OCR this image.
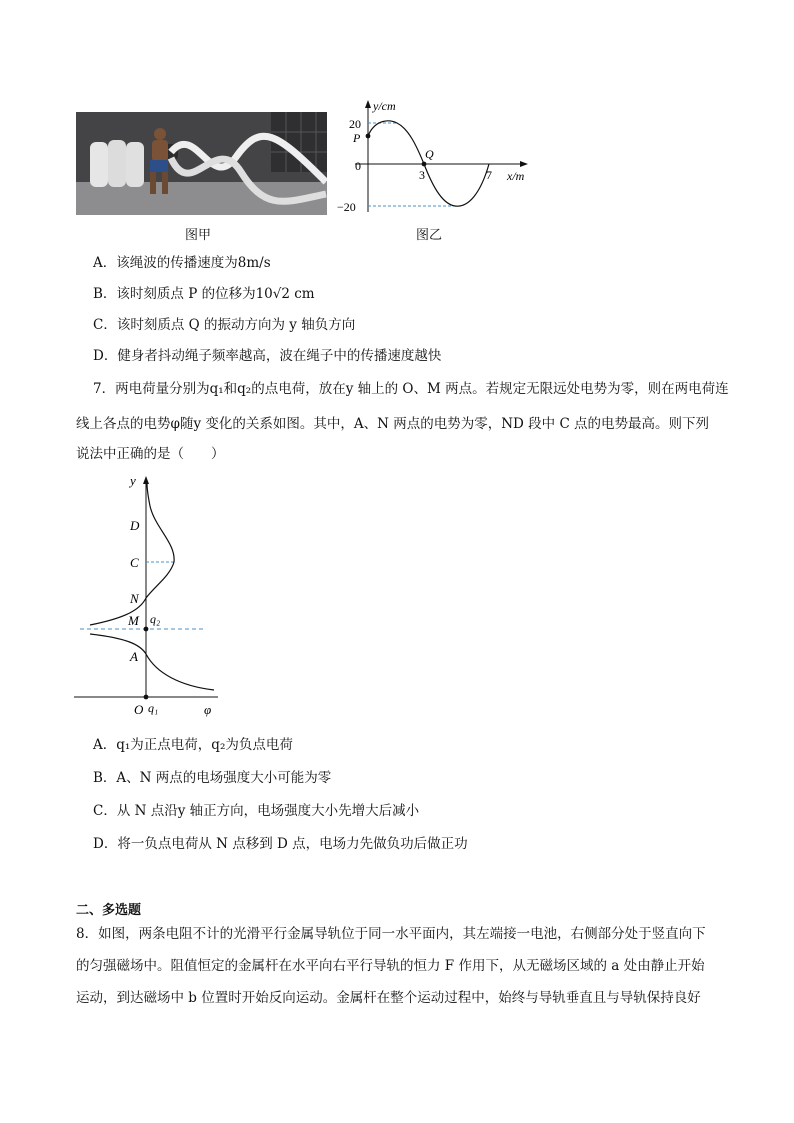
图甲
y/cm
20
P
0
Q
3	7 x/m
−20
图乙
A．该绳波的传播速度为8m/s
B．该时刻质点 P 的位移为10√2 cm
C．该时刻质点 Q 的振动方向为 y 轴负方向
D．健身者抖动绳子频率越高，波在绳子中的传播速度越快
7．两电荷量分别为q₁和q₂的点电荷，放在y 轴上的 O、M 两点。若规定无限远处电势为零，则在两电荷连
线上各点的电势φ随y 变化的关系如图。其中，A、N 两点的电势为零，ND 段中 C 点的电势最高。则下列
说法中正确的是（　　）
y
D
C
N
M q₂
A
O q₁	φ
A．q₁为正点电荷，q₂为负点电荷
B．A、N 两点的电场强度大小可能为零
C．从 N 点沿y 轴正方向，电场强度大小先增大后减小
D．将一负点电荷从 N 点移到 D 点，电场力先做负功后做正功
二、多选题
8．如图，两条电阻不计的光滑平行金属导轨位于同一水平面内，其左端接一电池，右侧部分处于竖直向下
的匀强磁场中。阻值恒定的金属杆在水平向右平行导轨的恒力 F 作用下，从无磁场区域的 a 处由静止开始
运动，到达磁场中 b 位置时开始反向运动。金属杆在整个运动过程中，始终与导轨垂直且与导轨保持良好
